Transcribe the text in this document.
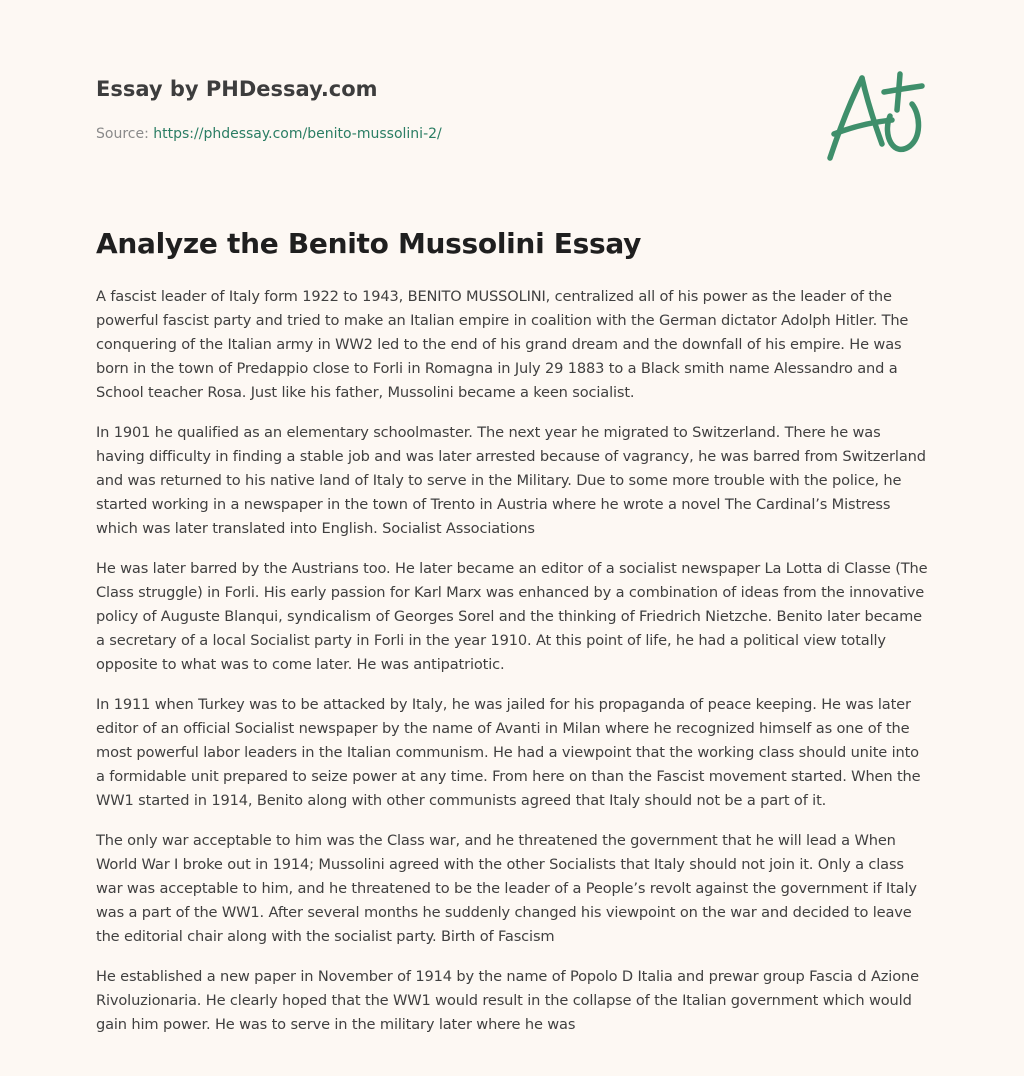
Essay by PHDessay.com
Source: https://phdessay.com/benito-mussolini-2/
Analyze the Benito Mussolini Essay

A fascist leader of Italy form 1922 to 1943, BENITO MUSSOLINI, centralized all of his power as the leader of the powerful fascist party and tried to make an Italian empire in coalition with the German dictator Adolph Hitler. The conquering of the Italian army in WW2 led to the end of his grand dream and the downfall of his empire. He was born in the town of Predappio close to Forli in Romagna in July 29 1883 to a Black smith name Alessandro and a School teacher Rosa. Just like his father, Mussolini became a keen socialist.

In 1901 he qualified as an elementary schoolmaster. The next year he migrated to Switzerland. There he was having difficulty in finding a stable job and was later arrested because of vagrancy, he was barred from Switzerland and was returned to his native land of Italy to serve in the Military. Due to some more trouble with the police, he started working in a newspaper in the town of Trento in Austria where he wrote a novel The Cardinal’s Mistress which was later translated into English. Socialist Associations

He was later barred by the Austrians too. He later became an editor of a socialist newspaper La Lotta di Classe (The Class struggle) in Forli. His early passion for Karl Marx was enhanced by a combination of ideas from the innovative policy of Auguste Blanqui, syndicalism of Georges Sorel and the thinking of Friedrich Nietzche. Benito later became a secretary of a local Socialist party in Forli in the year 1910. At this point of life, he had a political view totally opposite to what was to come later. He was antipatriotic.

In 1911 when Turkey was to be attacked by Italy, he was jailed for his propaganda of peace keeping. He was later editor of an official Socialist newspaper by the name of Avanti in Milan where he recognized himself as one of the most powerful labor leaders in the Italian communism. He had a viewpoint that the working class should unite into a formidable unit prepared to seize power at any time. From here on than the Fascist movement started. When the WW1 started in 1914, Benito along with other communists agreed that Italy should not be a part of it.

The only war acceptable to him was the Class war, and he threatened the government that he will lead a When World War I broke out in 1914; Mussolini agreed with the other Socialists that Italy should not join it. Only a class war was acceptable to him, and he threatened to be the leader of a People’s revolt against the government if Italy was a part of the WW1. After several months he suddenly changed his viewpoint on the war and decided to leave the editorial chair along with the socialist party. Birth of Fascism

He established a new paper in November of 1914 by the name of Popolo D Italia and prewar group Fascia d Azione Rivoluzionaria. He clearly hoped that the WW1 would result in the collapse of the Italian government which would gain him power. He was to serve in the military later where he was
